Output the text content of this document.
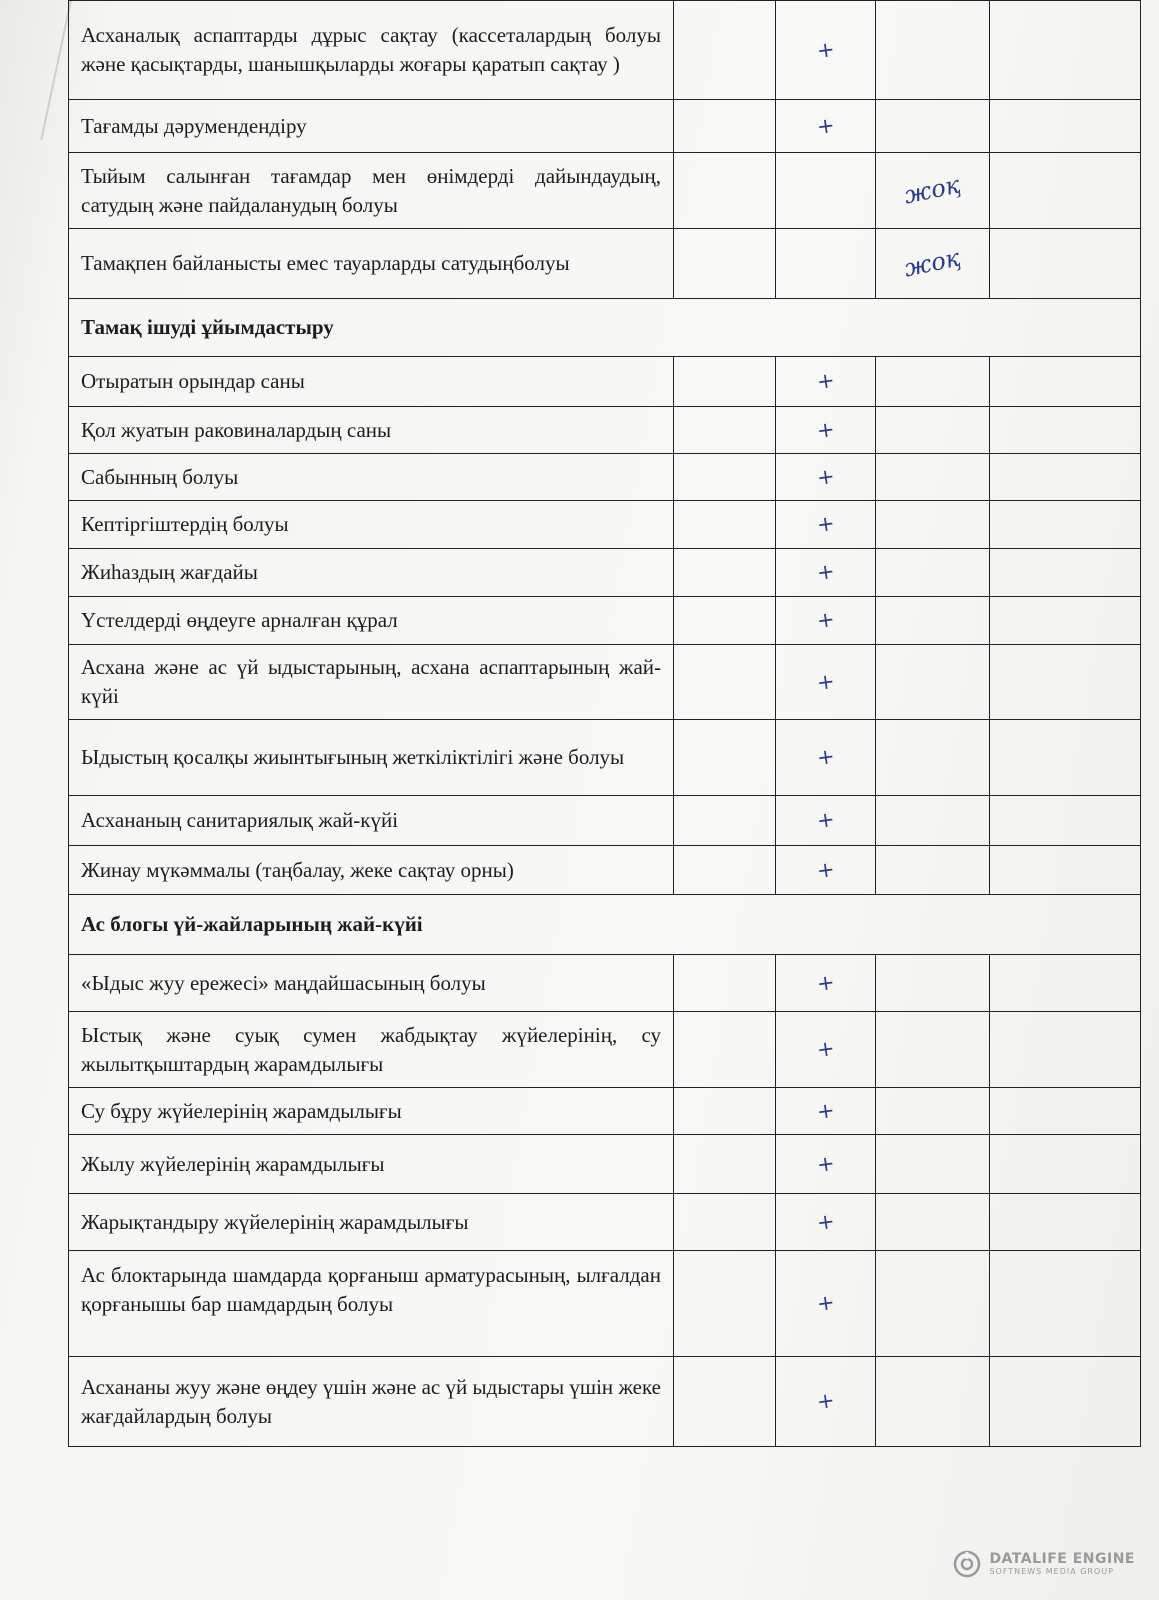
Асханалық аспаптарды дұрыс сақтау (кассеталардың болуы және қасықтарды, шанышқыларды жоғары қаратып сақтау )		+		
Тағамды дәрумендендіру		+		
Тыйым салынған тағамдар мен өнімдерді дайындаудың, сатудың және пайдаланудың болуы			жоқ	
Тамақпен байланысты емес тауарларды сатудыңболуы			жоқ	
Тамақ ішуді ұйымдастыру				
Отыратын орындар саны		+		
Қол жуатын раковиналардың саны		+		
Сабынның болуы		+		
Кептіргіштердің болуы		+		
Жиһаздың жағдайы		+		
Үстелдерді өңдеуге арналған құрал		+		
Асхана және ас үй ыдыстарының, асхана аспаптарының жай-күйі		+		
Ыдыстың қосалқы жиынтығының жеткіліктілігі және болуы		+		
Асхананың санитариялық жай-күйі		+		
Жинау мүкәммалы (таңбалау, жеке сақтау орны)		+		
Ас блогы үй-жайларының жай-күйі				
«Ыдыс жуу ережесі» маңдайшасының болуы		+		
Ыстық және суық сумен жабдықтау жүйелерінің, су жылытқыштардың жарамдылығы		+		
Су бұру жүйелерінің жарамдылығы		+		
Жылу жүйелерінің жарамдылығы		+		
Жарықтандыру жүйелерінің жарамдылығы		+		
Ас блоктарында шамдарда қорғаныш арматурасының, ылғалдан қорғанышы бар шамдардың болуы		+		
Асхананы жуу және өңдеу үшін және ас үй ыдыстары үшін жеке жағдайлардың болуы		+		
DATALIFE ENGINE
SOFTNEWS MEDIA GROUP
